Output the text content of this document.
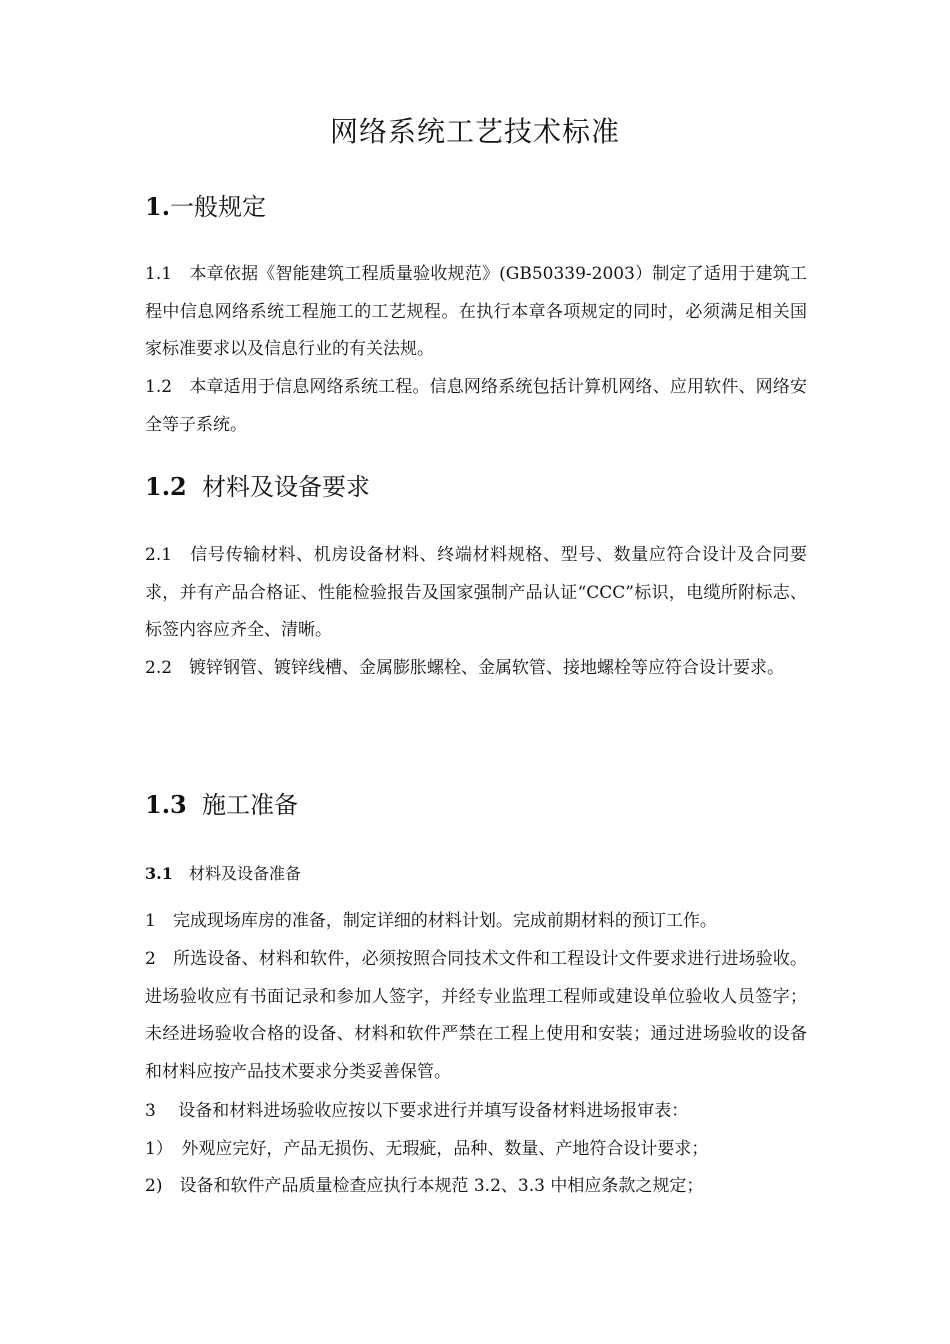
网络系统工艺技术标准
1.一般规定
1.1　本章依据《智能建筑工程质量验收规范》(GB50339-2003）制定了适用于建筑工程中信息网络系统工程施工的工艺规程。在执行本章各项规定的同时，必须满足相关国家标准要求以及信息行业的有关法规。
1.2　本章适用于信息网络系统工程。信息网络系统包括计算机网络、应用软件、网络安全等子系统。
1.2 材料及设备要求
2.1　信号传输材料、机房设备材料、终端材料规格、型号、数量应符合设计及合同要求，并有产品合格证、性能检验报告及国家强制产品认证“CCC”标识，电缆所附标志、标签内容应齐全、清晰。
2.2　镀锌钢管、镀锌线槽、金属膨胀螺栓、金属软管、接地螺栓等应符合设计要求。
1.3 施工准备
3.1 材料及设备准备
1　完成现场库房的准备，制定详细的材料计划。完成前期材料的预订工作。
2　所选设备、材料和软件，必须按照合同技术文件和工程设计文件要求进行进场验收。进场验收应有书面记录和参加人签字，并经专业监理工程师或建设单位验收人员签字；未经进场验收合格的设备、材料和软件严禁在工程上使用和安装；通过进场验收的设备和材料应按产品技术要求分类妥善保管。
3　 设备和材料进场验收应按以下要求进行并填写设备材料进场报审表：
1）　外观应完好，产品无损伤、无瑕疵，品种、数量、产地符合设计要求；
2)　设备和软件产品质量检查应执行本规范 3.2、3.3 中相应条款之规定；
